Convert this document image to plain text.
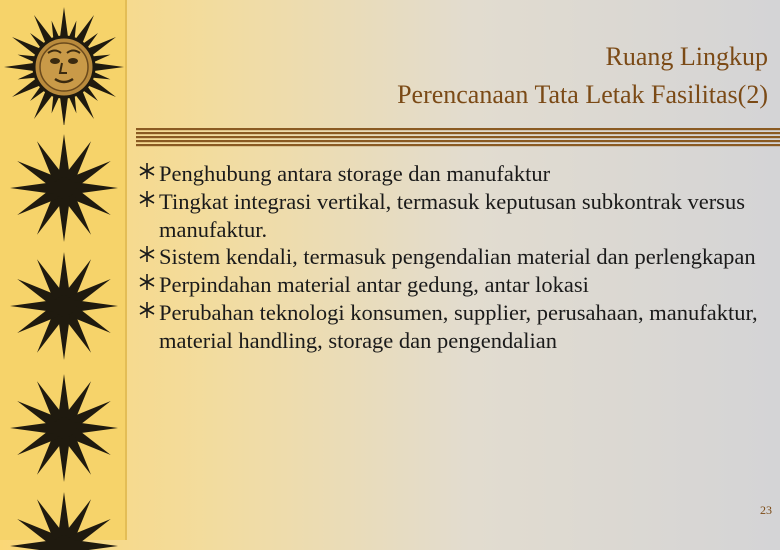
Ruang Lingkup
Perencanaan Tata Letak Fasilitas(2)
Penghubung antara storage dan manufaktur
Tingkat integrasi vertikal, termasuk keputusan subkontrak versus manufaktur.
Sistem kendali, termasuk pengendalian material dan perlengkapan
Perpindahan material antar gedung, antar lokasi
Perubahan teknologi konsumen, supplier, perusahaan, manufaktur, material handling, storage dan pengendalian
23
